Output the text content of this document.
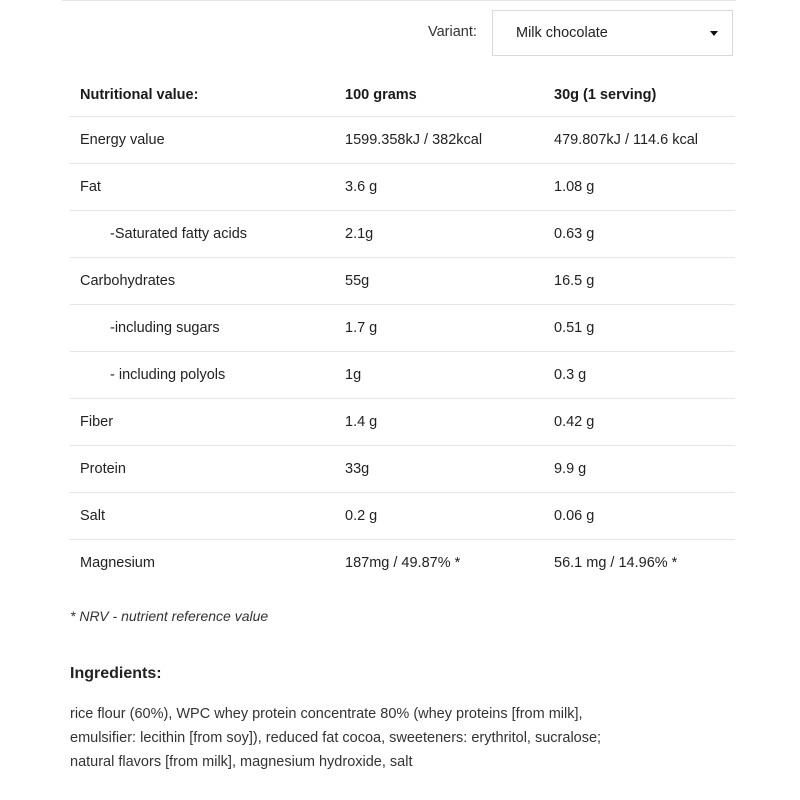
Variant:	Milk chocolate
Nutritional value:	100 grams	30g (1 serving)
Energy value	1599.358kJ / 382kcal	479.807kJ / 114.6 kcal
Fat	3.6 g	1.08 g
-Saturated fatty acids	2.1g	0.63 g
Carbohydrates	55g	16.5 g
-including sugars	1.7 g	0.51 g
- including polyols	1g	0.3 g
Fiber	1.4 g	0.42 g
Protein	33g	9.9 g
Salt	0.2 g	0.06 g
Magnesium	187mg / 49.87% *	56.1 mg / 14.96% *
* NRV - nutrient reference value
Ingredients:
rice flour (60%), WPC whey protein concentrate 80% (whey proteins [from milk],
emulsifier: lecithin [from soy]), reduced fat cocoa, sweeteners: erythritol, sucralose;
natural flavors [from milk], magnesium hydroxide, salt
